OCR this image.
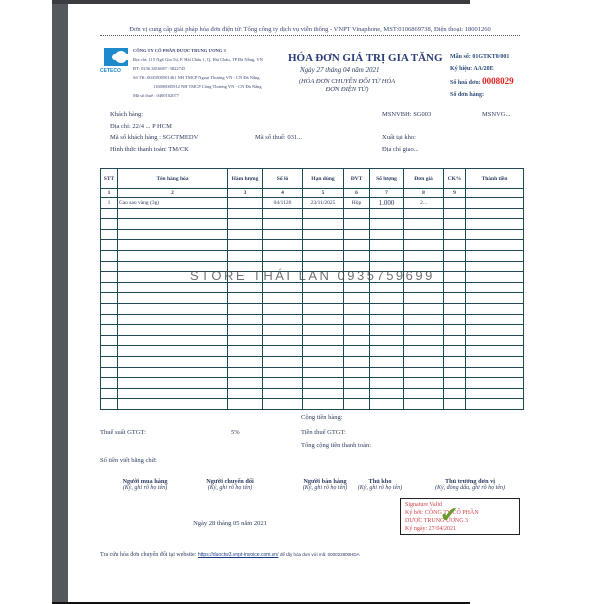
Đơn vị cung cấp giải pháp hóa đơn điện tử: Tổng công ty dịch vụ viễn thông - VNPT Vinaphone, MST:0106869738, Điện thoại: 18001260
CETECO
CÔNG TY CỔ PHẦN DƯỢC TRUNG ƯƠNG 3
Địa chỉ: 115 Ngô Gia Tự, P. Hải Châu 1, Q. Hải Châu, TP Đà Nẵng, VN
ĐT: 0236.3816687 -3822745
Số TK: 0041000501461 NH TMCP Ngoại Thương VN - CN Đà Nẵng
116000005912 NH TMCP Công Thương VN - CN Đà Nẵng
Mã số thuế : 0400102077
HÓA ĐƠN GIÁ TRỊ GIA TĂNG
Ngày 27 tháng 04 năm 2021
(HÓA ĐƠN CHUYỂN ĐỔI TỪ HÓA ĐƠN ĐIỆN TỬ)
Mẫu số: 01GTKT0/001
Ký hiệu: AA/20E
Số hoá đơn: 0008029
Số đơn hàng:
Khách hàng:
Địa chỉ: 22/4 ... P HCM
Mã số khách hàng : SGCTMEDV	Mã số thuế: 031...
Hình thức thanh toán: TM/CK
MSNVBH: SG003	MSNVG...
Xuất tại kho:
Địa chỉ giao...
STT	Tên hàng hóa	Hàm lượng	Số lô	Hạn dùng	ĐVT	Số lượng	Đơn giá	CK%	Thành tiền
1	2	3	4	5	6	7	8	9	
1	Cao sao vàng (3g)		04/1120	23/11/2025	Hộp	1.000	2...		

STORE THÁI LAN 0935759699
Cộng tiền hàng:
Thuế suất GTGT:	5%	Tiền thuế GTGT:
Tổng cộng tiền thanh toán:
Số tiền viết bằng chữ:
Người mua hàng
(Ký, ghi rõ họ tên)
Người chuyển đổi
(Ký, ghi rõ họ tên)
Người bán hàng
(Ký, ghi rõ họ tên)
Thủ kho
(Ký, ghi rõ họ tên)
Thủ trưởng đơn vị
(Ký, đóng dấu, ghi rõ họ tên)
Ngày 28 tháng 05 năm 2021
Signature Valid
Ký bởi: CÔNG TY CỔ PHẦN
DƯỢC TRUNG ƯƠNG 3
Ký ngày: 27/04/2021
✔
Tra cứu hóa đơn chuyển đổi tại website: https://duoctw3.vnpt-invoice.com.vn/ để tấy hóa đơn với mã: 000022800HDA
